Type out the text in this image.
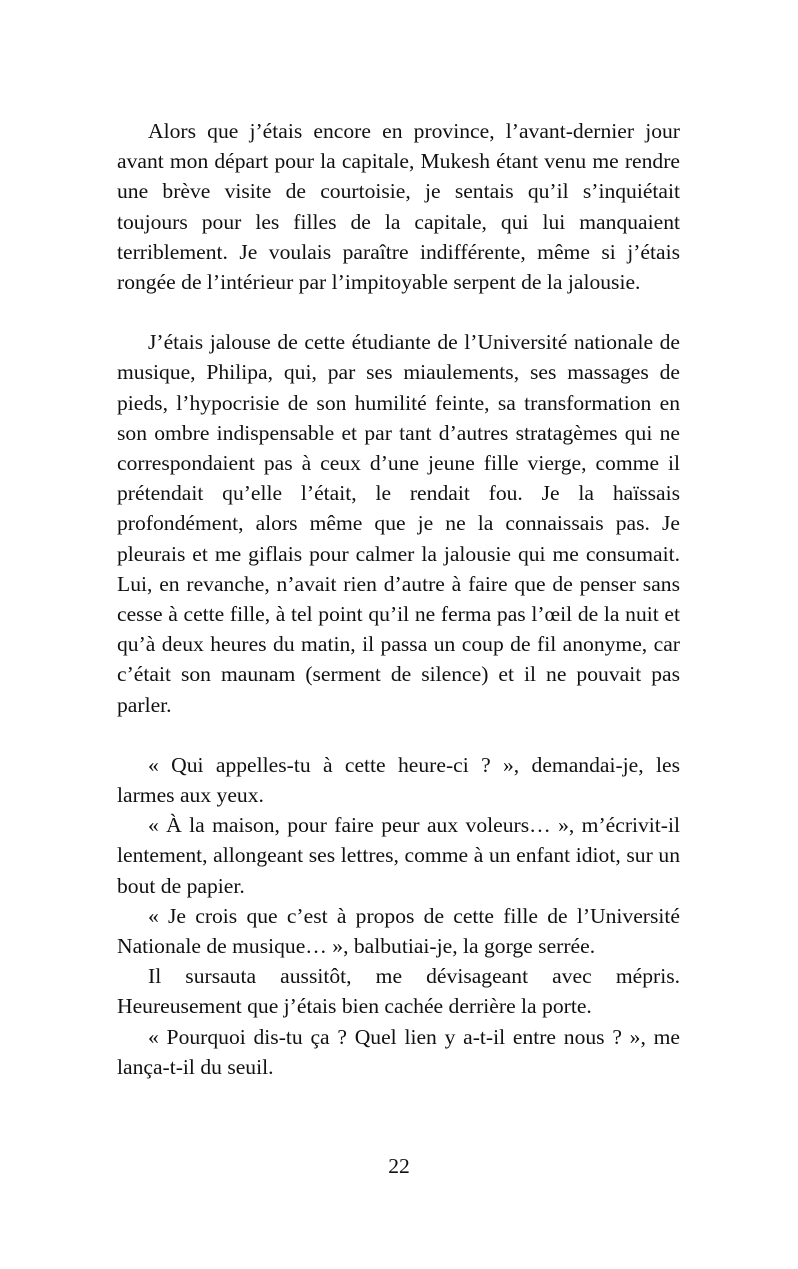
Alors que j’étais encore en province, l’avant-dernier jour avant mon départ pour la capitale, Mukesh étant venu me rendre une brève visite de courtoisie, je sentais qu’il s’inquiétait toujours pour les filles de la capitale, qui lui manquaient terriblement. Je voulais paraître indifférente, même si j’étais rongée de l’intérieur par l’impitoyable serpent de la jalousie.

J’étais jalouse de cette étudiante de l’Université nationale de musique, Philipa, qui, par ses miaulements, ses massages de pieds, l’hypocrisie de son humilité feinte, sa transformation en son ombre indispensable et par tant d’autres stratagèmes qui ne correspondaient pas à ceux d’une jeune fille vierge, comme il prétendait qu’elle l’était, le rendait fou. Je la haïssais profondément, alors même que je ne la connaissais pas. Je pleurais et me giflais pour calmer la jalousie qui me consumait. Lui, en revanche, n’avait rien d’autre à faire que de penser sans cesse à cette fille, à tel point qu’il ne ferma pas l’œil de la nuit et qu’à deux heures du matin, il passa un coup de fil anonyme, car c’était son maunam (serment de silence) et il ne pouvait pas parler.

« Qui appelles-tu à cette heure-ci ? », demandai-je, les larmes aux yeux.

« À la maison, pour faire peur aux voleurs… », m’écrivit-il lentement, allongeant ses lettres, comme à un enfant idiot, sur un bout de papier.

« Je crois que c’est à propos de cette fille de l’Université Nationale de musique… », balbutiai-je, la gorge serrée.

Il sursauta aussitôt, me dévisageant avec mépris. Heureusement que j’étais bien cachée derrière la porte.

« Pourquoi dis-tu ça ? Quel lien y a-t-il entre nous ? », me lança-t-il du seuil.

22
